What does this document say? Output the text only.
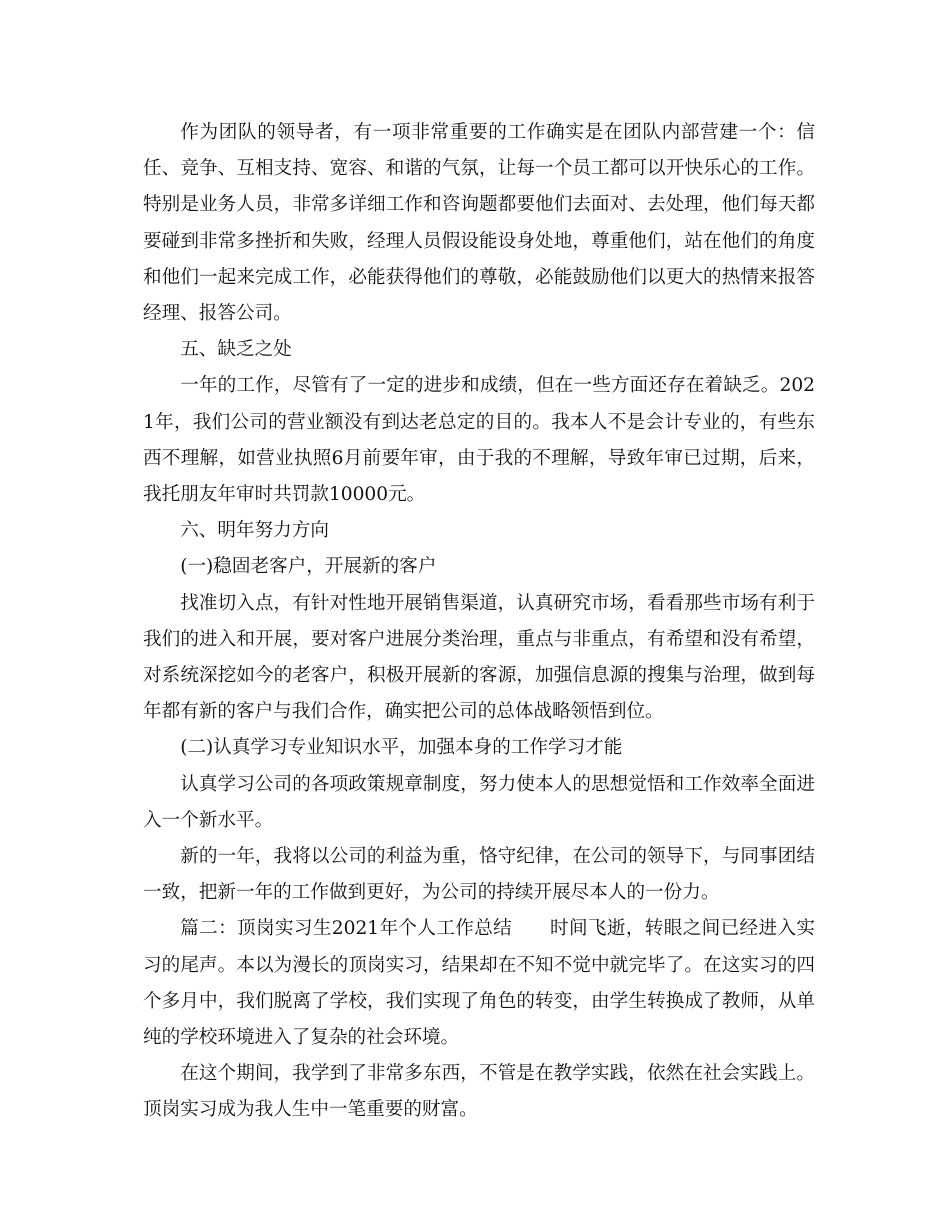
作为团队的领导者，有一项非常重要的工作确实是在团队内部营建一个：信任、竞争、互相支持、宽容、和谐的气氛，让每一个员工都可以开快乐心的工作。特别是业务人员，非常多详细工作和咨询题都要他们去面对、去处理，他们每天都要碰到非常多挫折和失败，经理人员假设能设身处地，尊重他们，站在他们的角度和他们一起来完成工作，必能获得他们的尊敬，必能鼓励他们以更大的热情来报答经理、报答公司。

五、缺乏之处

一年的工作，尽管有了一定的进步和成绩，但在一些方面还存在着缺乏。2021年，我们公司的营业额没有到达老总定的目的。我本人不是会计专业的，有些东西不理解，如营业执照6月前要年审，由于我的不理解，导致年审已过期，后来，我托朋友年审时共罚款10000元。

六、明年努力方向

(一)稳固老客户，开展新的客户

找准切入点，有针对性地开展销售渠道，认真研究市场，看看那些市场有利于我们的进入和开展，要对客户进展分类治理，重点与非重点，有希望和没有希望，对系统深挖如今的老客户，积极开展新的客源，加强信息源的搜集与治理，做到每年都有新的客户与我们合作，确实把公司的总体战略领悟到位。

(二)认真学习专业知识水平，加强本身的工作学习才能

认真学习公司的各项政策规章制度，努力使本人的思想觉悟和工作效率全面进入一个新水平。

新的一年，我将以公司的利益为重，恪守纪律，在公司的领导下，与同事团结一致，把新一年的工作做到更好，为公司的持续开展尽本人的一份力。

篇二：顶岗实习生2021年个人工作总结　　时间飞逝，转眼之间已经进入实习的尾声。本以为漫长的顶岗实习，结果却在不知不觉中就完毕了。在这实习的四个多月中，我们脱离了学校，我们实现了角色的转变，由学生转换成了教师，从单纯的学校环境进入了复杂的社会环境。

在这个期间，我学到了非常多东西，不管是在教学实践，依然在社会实践上。顶岗实习成为我人生中一笔重要的财富。
